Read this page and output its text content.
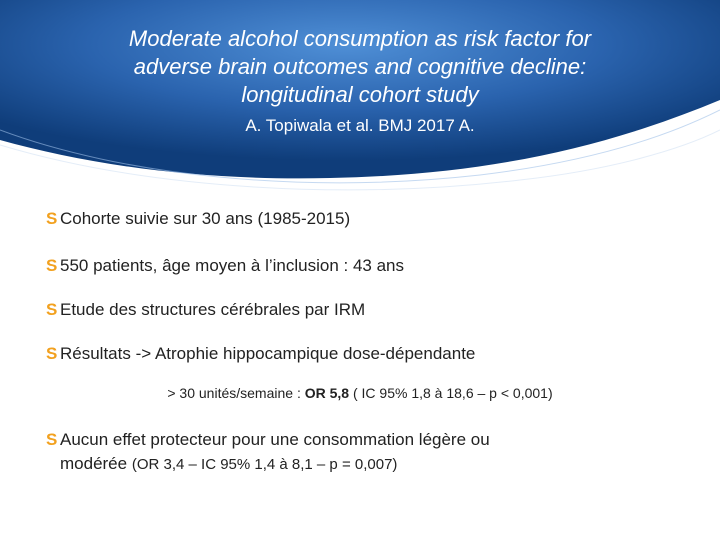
Moderate alcohol consumption as risk factor for
adverse brain outcomes and cognitive decline:
longitudinal cohort study
A. Topiwala et al. BMJ 2017 A.
S Cohorte suivie sur 30 ans (1985-2015)
S 550 patients, âge moyen à l’inclusion : 43 ans
S Etude des structures cérébrales par IRM
S Résultats -> Atrophie hippocampique dose-dépendante
> 30 unités/semaine : OR 5,8 ( IC 95% 1,8 à 18,6 – p < 0,001)
S Aucun effet protecteur pour une consommation légère ou
modérée (OR 3,4 – IC 95% 1,4 à 8,1 – p = 0,007)
